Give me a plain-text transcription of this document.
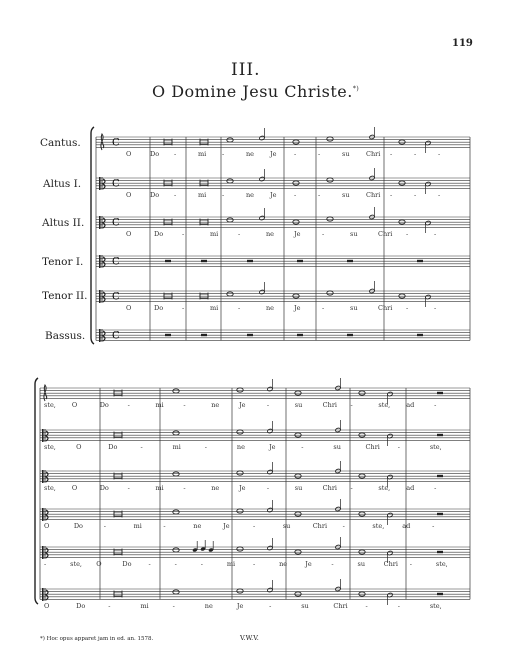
С
С
С
С
С
С
119
III.
O Domine Jesu Christe.*)
Cantus.
Altus I.
Altus II.
Tenor I.
Tenor II.
Bassus.
O	Do -	mi -	ne Je	-	-	su	Chri -	-	-
O	Do -	mi -	ne Je	-	-	su	Chri -	-	-
O	Do	-	mi	-	ne	Je	-	su	Chri -	-
O	Do	-	mi	-	ne	Je	-	su	Chri -	-
ste, O	Do	-	mi	-	ne	Je	-	su	Chri -	ste, ad	-
ste,	O	Do	-	mi	-	ne	Je	-	su	Chri	-	ste,
ste, O	Do	-	mi	-	ne	Je	-	su	Chri -	ste, ad	-
O	Do	-	mi	-	ne	Je	-	su	Chri -	ste,	ad	-
-	ste, O	Do	-	-	-	mi	-	ne	Je	-	su	Chri -	ste,
O	Do	-	mi	-	ne	Je	-	su	Chri	-	-	ste,
*) Hoc opus apparet jam in ed. an. 1578.	V.W.V.
